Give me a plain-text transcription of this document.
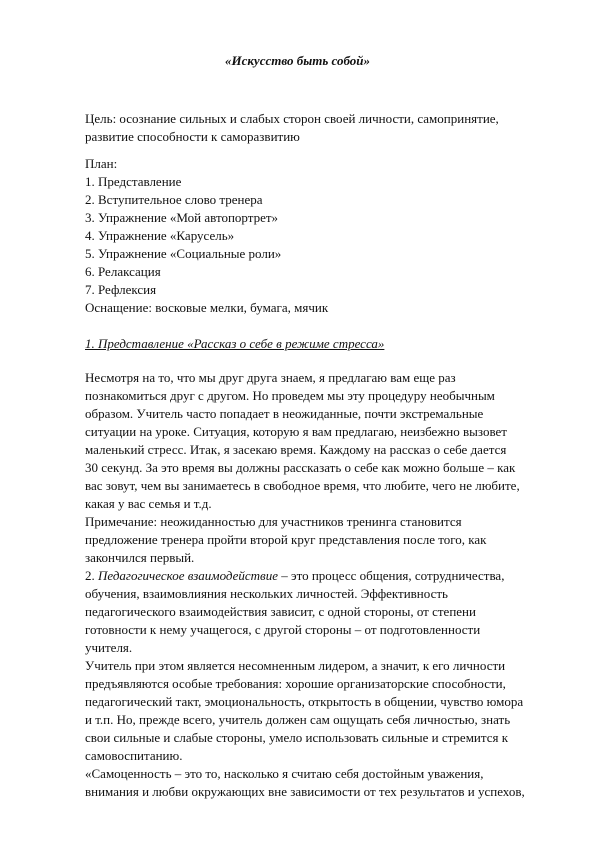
«Искусство быть собой»
Цель: осознание сильных и слабых сторон своей личности, самопринятие,
развитие способности к саморазвитию
План:
1. Представление
2. Вступительное слово тренера
3. Упражнение «Мой автопортрет»
4. Упражнение «Карусель»
5. Упражнение «Социальные роли»
6. Релаксация
7. Рефлексия
Оснащение: восковые мелки, бумага, мячик
1. Представление «Рассказ о себе в режиме стресса»
Несмотря на то, что мы друг друга знаем, я предлагаю вам еще раз
познакомиться друг с другом. Но проведем мы эту процедуру необычным
образом. Учитель часто попадает в неожиданные, почти экстремальные
ситуации на уроке. Ситуация, которую я вам предлагаю, неизбежно вызовет
маленький стресс. Итак, я засекаю время. Каждому на рассказ о себе дается
30 секунд. За это время вы должны рассказать о себе как можно больше – как
вас зовут, чем вы занимаетесь в свободное время, что любите, чего не любите,
какая у вас семья и т.д.
Примечание: неожиданностью для участников тренинга становится
предложение тренера пройти второй круг представления после того, как
закончился первый.
2. Педагогическое взаимодействие – это процесс общения, сотрудничества,
обучения, взаимовлияния нескольких личностей. Эффективность
педагогического взаимодействия зависит, с одной стороны, от степени
готовности к нему учащегося, с другой стороны – от подготовленности
учителя.
Учитель при этом является несомненным лидером, а значит, к его личности
предъявляются особые требования: хорошие организаторские способности,
педагогический такт, эмоциональность, открытость в общении, чувство юмора
и т.п. Но, прежде всего, учитель должен сам ощущать себя личностью, знать
свои сильные и слабые стороны, умело использовать сильные и стремится к
самовоспитанию.
«Самоценность – это то, насколько я считаю себя достойным уважения,
внимания и любви окружающих вне зависимости от тех результатов и успехов,
